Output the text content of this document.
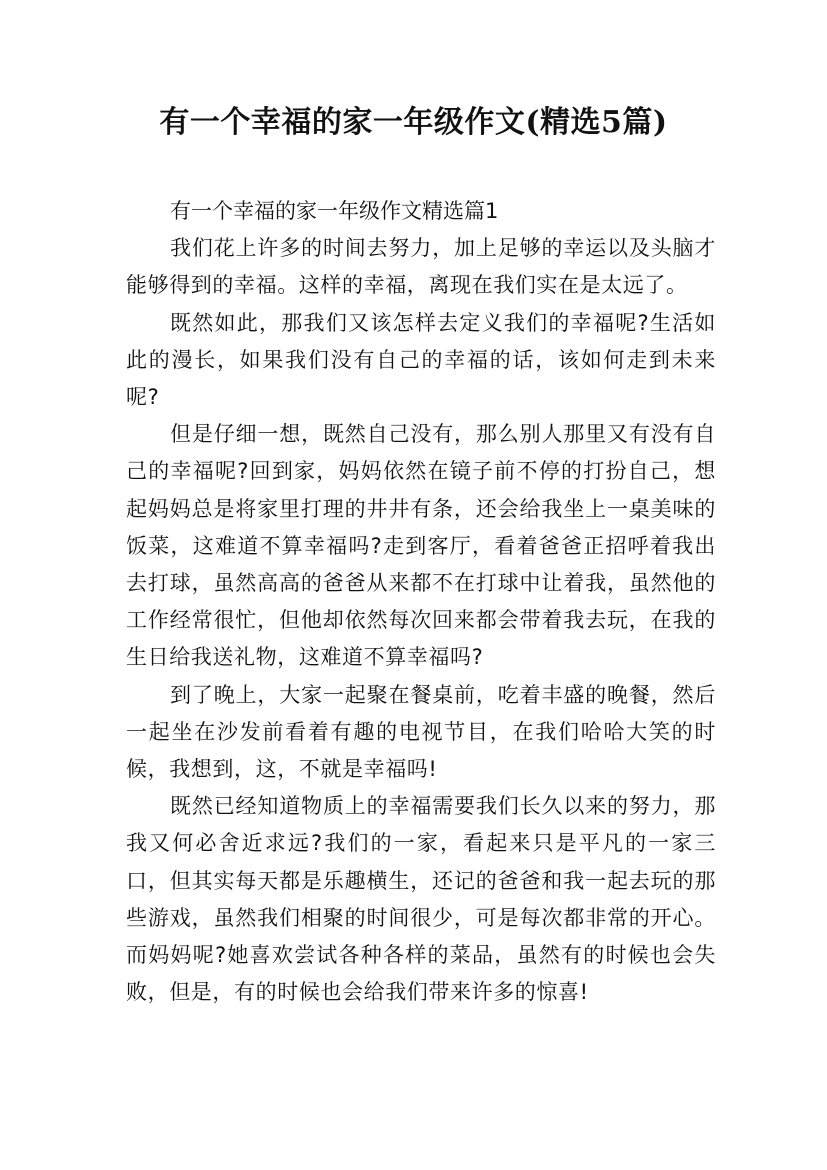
有一个幸福的家一年级作文(精选5篇)

有一个幸福的家一年级作文精选篇1

我们花上许多的时间去努力，加上足够的幸运以及头脑才能够得到的幸福。这样的幸福，离现在我们实在是太远了。

既然如此，那我们又该怎样去定义我们的幸福呢?生活如此的漫长，如果我们没有自己的幸福的话，该如何走到未来呢?

但是仔细一想，既然自己没有，那么别人那里又有没有自己的幸福呢?回到家，妈妈依然在镜子前不停的打扮自己，想起妈妈总是将家里打理的井井有条，还会给我坐上一桌美味的饭菜，这难道不算幸福吗?走到客厅，看着爸爸正招呼着我出去打球，虽然高高的爸爸从来都不在打球中让着我，虽然他的工作经常很忙，但他却依然每次回来都会带着我去玩，在我的生日给我送礼物，这难道不算幸福吗?

到了晚上，大家一起聚在餐桌前，吃着丰盛的晚餐，然后一起坐在沙发前看着有趣的电视节目，在我们哈哈大笑的时候，我想到，这，不就是幸福吗!

既然已经知道物质上的幸福需要我们长久以来的努力，那我又何必舍近求远?我们的一家，看起来只是平凡的一家三口，但其实每天都是乐趣横生，还记的爸爸和我一起去玩的那些游戏，虽然我们相聚的时间很少，可是每次都非常的开心。而妈妈呢?她喜欢尝试各种各样的菜品，虽然有的时候也会失败，但是，有的时候也会给我们带来许多的惊喜!
